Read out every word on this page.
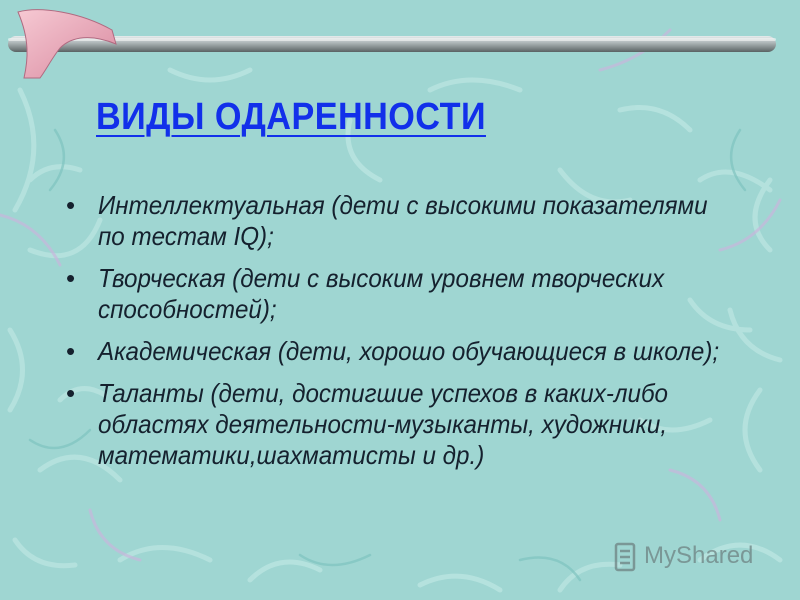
ВИДЫ ОДАРЕННОСТИ
• Интеллектуальная (дети с высокими показателями по тестам IQ);
• Творческая (дети с высоким уровнем творческих способностей);
• Академическая (дети, хорошо обучающиеся в школе);
• Таланты (дети, достигшие успехов в каких-либо областях деятельности-музыканты, художники, математики,шахматисты и др.)
MyShared
